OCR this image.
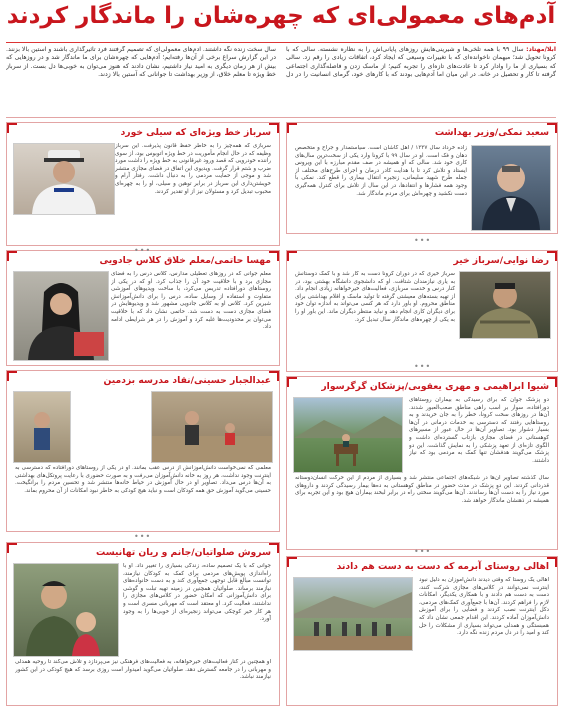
آدم‌های معمولی‌ای که چهره‌شان را ماندگار کردند
آبلا/مهتاد: سال ۹۹ با همه تلخی‌ها و شیرینی‌هایش روزهای پایانی‌اش را به نظاره نشسته. سالی که با کرونا تحویل شد؛ میهمان ناخوانده‌ای که با تغییرات وسیعی که ایجاد کرد، اتفاقات زیادی را رقم زد. سالی که بسیاری از ما را وادار کرد تا عادت‌های تازه‌ای را تجربه کنیم؛ از ماسک زدن و فاصله‌گذاری اجتماعی گرفته تا کار و تحصیل در خانه. در این میان اما آدم‌هایی بودند که با کارهای خود، گرمای انسانیت را در دل سال سخت زنده نگه داشتند. آدم‌های معمولی‌ای که تصمیم گرفتند فرد تأثیرگذاری باشند و آستین بالا بزنند. در این گزارش سراغ برخی از آن‌ها رفته‌ایم؛ آدم‌هایی که چهره‌شان برای ما ماندگار شد و در روزهایی که بیش از هر زمان دیگری به امید نیاز داشتیم، نشان دادند که هنوز می‌توان به خوبی‌ها دل بست. از سرباز خط ویژه تا معلم خلاق، از وزیر بهداشت تا جوانانی که آستین بالا زدند.
سعید نمکی/وزیر بهداشت
زاده خرداد سال ۱۳۳۷ / اهل کاشان است. سیاستمدار و جراح و متخصص دهان و فک است. او در سال ۹۹ با کرونا وارد یکی از سخت‌ترین سال‌های کاری خود شد. سالی که او همیشه در صف مقدم مبارزه با این ویروس ایستاد و تلاش کرد تا با هدایت کادر درمان و اجرای طرح‌های مختلف از جمله طرح شهید سلیمانی، زنجیره انتقال بیماری را قطع کند. نمکی با وجود همه فشارها و انتقادها، در این سال از تلاش برای کنترل همه‌گیری دست نکشید و چهره‌اش برای مردم ماندگار شد.
سرباز خط ویژه‌ای که سیلی خورد
سربازی که همه‌چیز را به خاطر حفظ قانون پذیرفت. این سرباز وظیفه که در حال انجام مأموریت در خط ویژه اتوبوس بود، از سوی راننده خودرویی که قصد ورود غیرقانونی به خط ویژه را داشت مورد ضرب و شتم قرار گرفت. ویدیوی این اتفاق در فضای مجازی منتشر شد و موجی از حمایت مردمی را به دنبال داشت. رفتار آرام و خویشتن‌داری این سرباز در برابر توهین و سیلی، او را به چهره‌ای محبوب تبدیل کرد و مسئولان نیز از او تقدیر کردند.
رضا نوایی/سرباز خیر
سرباز خیری که در دوران کرونا دست به کار شد و با کمک دوستانش به یاری نیازمندان شتافت. او که دانشجوی دانشگاه بهشتی بود، در کنار درس و خدمت سربازی، فعالیت‌های خیرخواهانه زیادی انجام داد. از تهیه بسته‌های معیشتی گرفته تا تولید ماسک و اقلام بهداشتی برای مناطق محروم. او باور دارد که هر کسی می‌تواند به اندازه توان خود برای دیگران کاری انجام دهد و نباید منتظر دیگران ماند. این باور او را به یکی از چهره‌های ماندگار سال تبدیل کرد.
مهسا حاتمی/معلم خلاق کلاس جادویی
معلم جوانی که در روزهای تعطیلی مدارس، کلاس درس را به فضای مجازی برد و با خلاقیت خود آن را جذاب کرد. او که در یکی از روستاهای دورافتاده تدریس می‌کرد، با ساخت ویدیوهای آموزشی متفاوت و استفاده از وسایل ساده، درس را برای دانش‌آموزانش شیرین کرد. کلاس او به کلاس جادویی مشهور شد و ویدیوهایش در فضای مجازی دست به دست شد. حاتمی نشان داد که با خلاقیت می‌توان بر محدودیت‌ها غلبه کرد و آموزش را در هر شرایطی ادامه داد.
شیوا ابراهیمی و مهری یعقوبی/پزشکان گرگرسوار
دو پزشک جوان که برای رسیدگی به بیماران روستاهای دورافتاده، سوار بر اسب راهی مناطق صعب‌العبور شدند. آن‌ها در روزهای سخت کرونا، خطر را به جان خریدند و به روستاهایی رفتند که دسترسی به خدمات درمانی در آن‌ها بسیار دشوار بود. تصاویر آن‌ها در حال عبور از مسیرهای کوهستانی در فضای مجازی بازتاب گسترده‌ای داشت و الگوی تازه‌ای از تعهد پزشکی را به نمایش گذاشت. این دو پزشک می‌گویند هدفشان تنها کمک به مردمی بود که نیاز داشتند.
سال گذشته تصاویر آن‌ها در شبکه‌های اجتماعی منتشر شد و بسیاری از مردم از این حرکت انسان‌دوستانه قدردانی کردند. این دو پزشک در مدت حضور در مناطق کوهستانی به ده‌ها بیمار رسیدگی کردند و داروهای مورد نیاز را به دست آن‌ها رساندند. آن‌ها می‌گویند سختی راه در برابر لبخند بیماران هیچ بود و این تجربه برای همیشه در ذهنشان ماندگار خواهد شد.
عبدالجبار حسینی/نقاد مدرسه بزدمین
معلمی که نمی‌خواست دانش‌آموزانش از درس عقب بمانند. او در یکی از روستاهای دورافتاده که دسترسی به اینترنت وجود نداشت، هر روز به خانه دانش‌آموزان می‌رفت و به صورت حضوری با رعایت پروتکل‌های بهداشتی به آن‌ها درس می‌داد. تصاویر او در حال آموزش در حیاط خانه‌ها منتشر شد و تحسین مردم را برانگیخت. حسینی می‌گوید آموزش حق همه کودکان است و نباید هیچ کودکی به خاطر نبود امکانات از آن محروم بماند.
سروش صلواتیان/جانم و ریان تهانیست
جوانی که با یک تصمیم ساده، زندگی بسیاری را تغییر داد. او با راه‌اندازی پویش‌های مردمی برای کمک به کودکان نیازمند، توانست مبالغ قابل توجهی جمع‌آوری کند و به دست خانواده‌های نیازمند برساند. صلواتیان همچنین در زمینه تهیه تبلت و گوشی برای دانش‌آموزانی که امکان حضور در کلاس‌های مجازی را نداشتند، فعالیت کرد. او معتقد است که مهربانی مسری است و هر کار خیر کوچکی می‌تواند زنجیره‌ای از خوبی‌ها را به وجود آورد.
او همچنین در کنار فعالیت‌های خیرخواهانه، به فعالیت‌های فرهنگی نیز می‌پردازد و تلاش می‌کند تا روحیه همدلی و مهربانی را در جامعه گسترش دهد. صلواتیان می‌گوید امیدوار است روزی برسد که هیچ کودکی در این کشور نیازمند نباشد.
اهالی روستای آبرمه که دست به دست هم دادند
اهالی یک روستا که وقتی دیدند دانش‌آموزان به دلیل نبود اینترنت نمی‌توانند در کلاس‌های مجازی شرکت کنند، دست به دست هم دادند و با همکاری یکدیگر، امکانات لازم را فراهم کردند. آن‌ها با جمع‌آوری کمک‌های مردمی، دکل اینترنت نصب کردند و فضایی را برای آموزش دانش‌آموزان آماده کردند. این اقدام جمعی نشان داد که همبستگی و همدلی می‌تواند بسیاری از مشکلات را حل کند و امید را در دل مردم زنده نگه دارد.
•••
•••
•••
•••
•••
